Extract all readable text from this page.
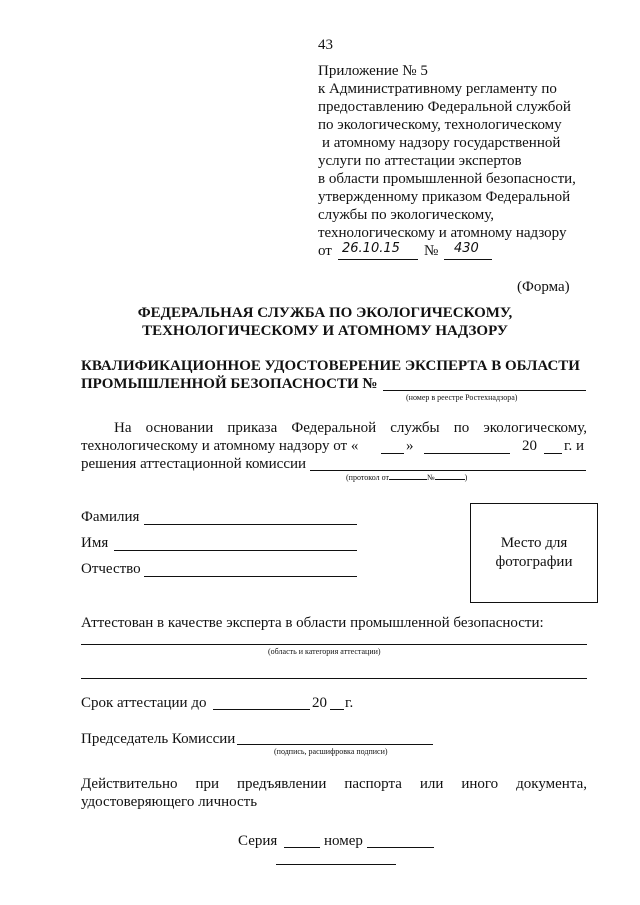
43
Приложение № 5
к Административному регламенту по
предоставлению Федеральной службой
по экологическому, технологическому
и атомному надзору государственной
услуги по аттестации экспертов
в области промышленной безопасности,
утвержденному приказом Федеральной
службы по экологическому,
технологическому и атомному надзору
от 26.10.15 № 430
(Форма)
ФЕДЕРАЛЬНАЯ СЛУЖБА ПО ЭКОЛОГИЧЕСКОМУ,
ТЕХНОЛОГИЧЕСКОМУ И АТОМНОМУ НАДЗОРУ
КВАЛИФИКАЦИОННОЕ УДОСТОВЕРЕНИЕ ЭКСПЕРТА В ОБЛАСТИ
ПРОМЫШЛЕННОЙ БЕЗОПАСНОСТИ №
(номер в реестре Ростехнадзора)
На основании приказа Федеральной службы по экологическому,
технологическому и атомному надзору от «	»	20 г. и
решения аттестационной комиссии
(протокол от	№	)
Фамилия
Имя
Отчество
Место для фотографии
Аттестован в качестве эксперта в области промышленной безопасности:
(область и категория аттестации)
Срок аттестации до	20 г.
Председатель Комиссии
(подпись, расшифровка подписи)
Действительно при предъявлении паспорта или иного документа,
удостоверяющего личность
Серия	номер
